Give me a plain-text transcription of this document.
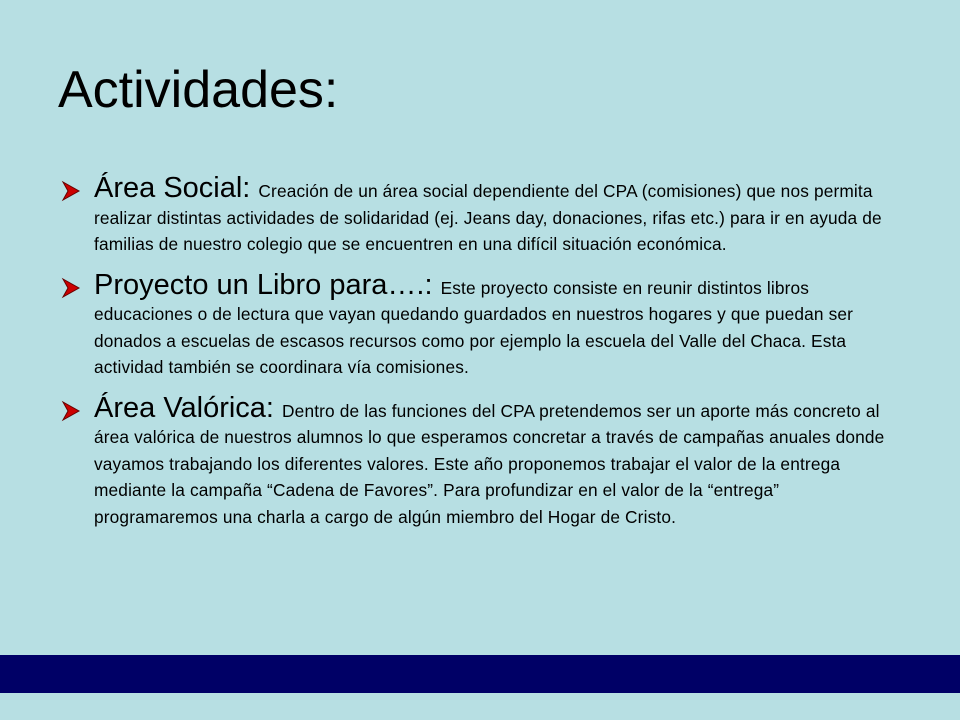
Actividades:
Área Social: Creación de un área social dependiente del CPA (comisiones) que nos permita realizar distintas actividades de solidaridad (ej. Jeans day, donaciones, rifas etc.) para ir en ayuda de familias de nuestro colegio que se encuentren en una difícil situación económica.
Proyecto un Libro para….: Este proyecto consiste en reunir distintos libros educaciones o de lectura que vayan quedando guardados en nuestros hogares y que puedan ser donados a escuelas de escasos recursos como por ejemplo la escuela del Valle del Chaca. Esta actividad también se coordinara vía comisiones.
Área Valórica: Dentro de las funciones del CPA pretendemos ser un aporte más concreto al área valórica de nuestros alumnos lo que esperamos concretar a través de campañas anuales donde vayamos trabajando los diferentes valores. Este año proponemos trabajar el valor de la entrega mediante la campaña “Cadena de Favores”. Para profundizar en el valor de la “entrega” programaremos una charla a cargo de algún miembro del Hogar de Cristo.
